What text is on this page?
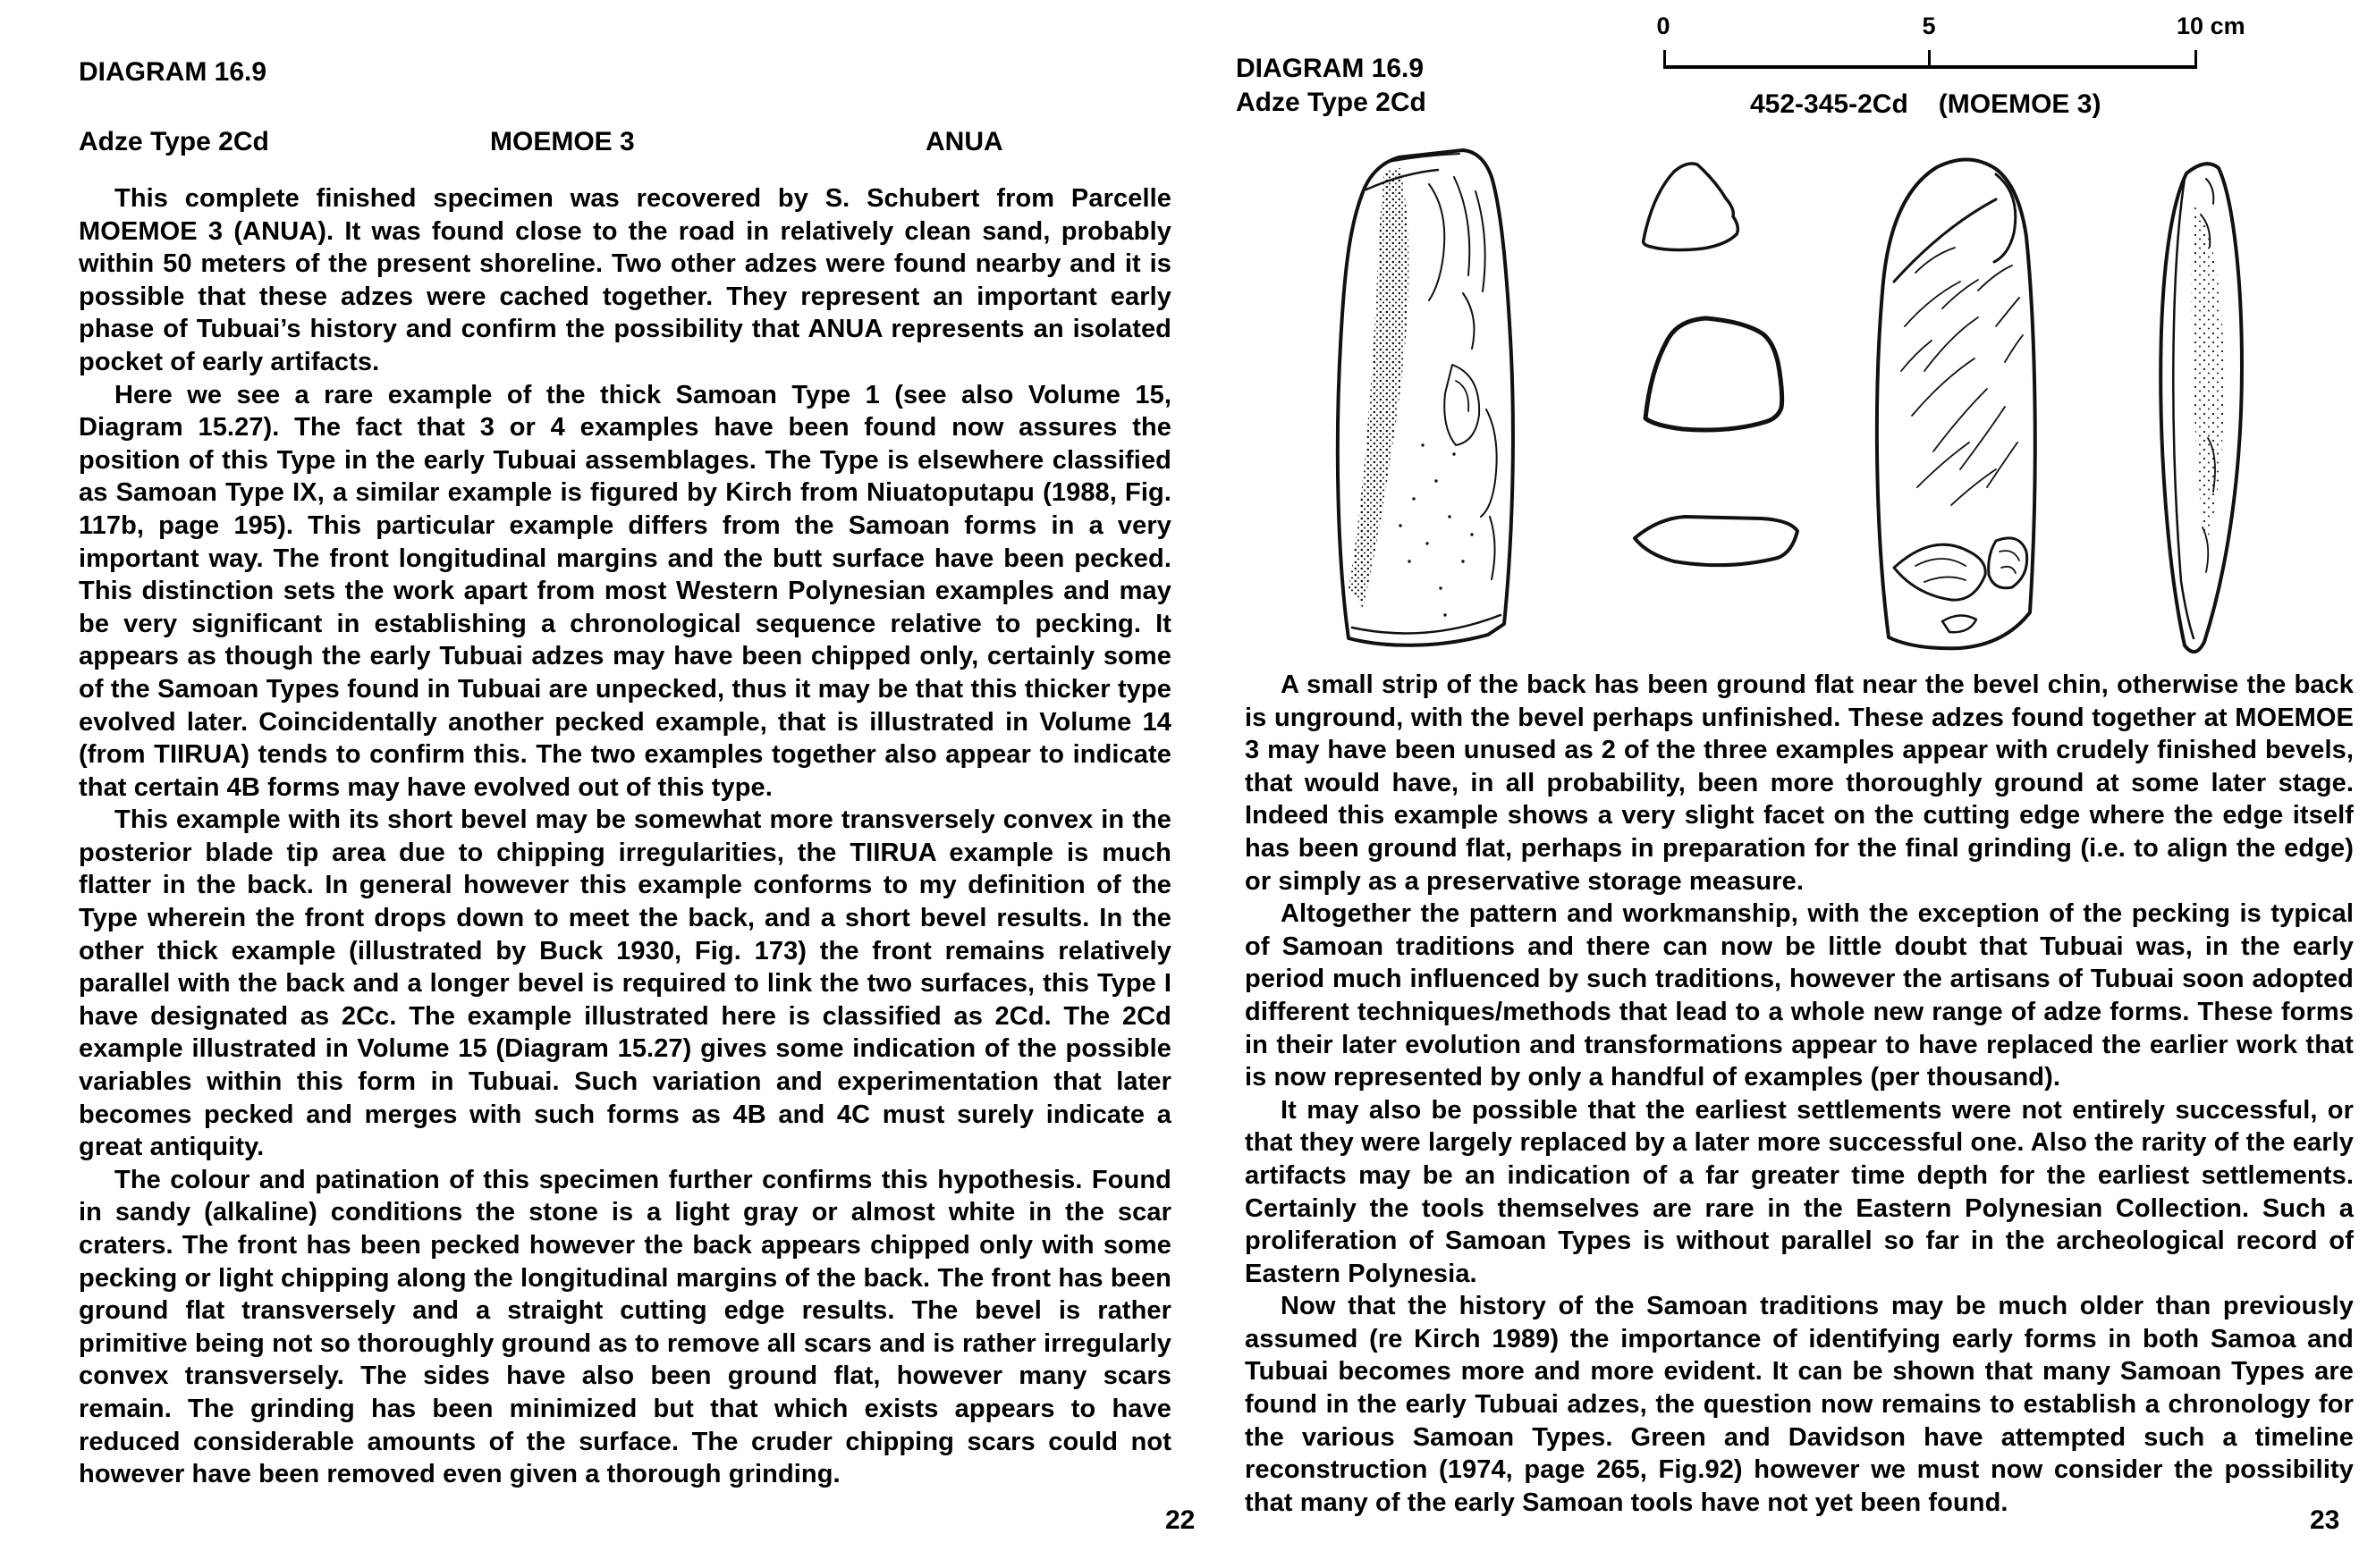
DIAGRAM 16.9
Adze Type 2Cd	MOEMOE 3	ANUA

This complete finished specimen was recovered by S. Schubert from Parcelle MOEMOE 3 (ANUA). It was found close to the road in relatively clean sand, probably within 50 meters of the present shoreline. Two other adzes were found nearby and it is possible that these adzes were cached together. They represent an important early phase of Tubuai’s history and confirm the possibility that ANUA represents an isolated pocket of early artifacts.

Here we see a rare example of the thick Samoan Type 1 (see also Volume 15, Diagram 15.27). The fact that 3 or 4 examples have been found now assures the position of this Type in the early Tubuai assemblages. The Type is elsewhere classified as Samoan Type IX, a similar example is figured by Kirch from Niuatoputapu (1988, Fig. 117b, page 195). This particular example differs from the Samoan forms in a very important way. The front longitudinal margins and the butt surface have been pecked. This distinction sets the work apart from most Western Polynesian examples and may be very significant in establishing a chronological sequence relative to pecking. It appears as though the early Tubuai adzes may have been chipped only, certainly some of the Samoan Types found in Tubuai are unpecked, thus it may be that this thicker type evolved later. Coincidentally another pecked example, that is illustrated in Volume 14 (from TIIRUA) tends to confirm this. The two examples together also appear to indicate that certain 4B forms may have evolved out of this type.

This example with its short bevel may be somewhat more transversely convex in the posterior blade tip area due to chipping irregularities, the TIIRUA example is much flatter in the back. In general however this example conforms to my definition of the Type wherein the front drops down to meet the back, and a short bevel results. In the other thick example (illustrated by Buck 1930, Fig. 173) the front remains relatively parallel with the back and a longer bevel is required to link the two surfaces, this Type I have designated as 2Cc. The example illustrated here is classified as 2Cd. The 2Cd example illustrated in Volume 15 (Diagram 15.27) gives some indication of the possible variables within this form in Tubuai. Such variation and experimentation that later becomes pecked and merges with such forms as 4B and 4C must surely indicate a great antiquity.

The colour and patination of this specimen further confirms this hypothesis. Found in sandy (alkaline) conditions the stone is a light gray or almost white in the scar craters. The front has been pecked however the back appears chipped only with some pecking or light chipping along the longitudinal margins of the back. The front has been ground flat transversely and a straight cutting edge results. The bevel is rather primitive being not so thoroughly ground as to remove all scars and is rather irregularly convex transversely. The sides have also been ground flat, however many scars remain. The grinding has been minimized but that which exists appears to have reduced considerable amounts of the surface. The cruder chipping scars could not however have been removed even given a thorough grinding.

22
DIAGRAM 16.9
Adze Type 2Cd
0	5	10 cm
452-345-2Cd (MOEMOE 3)

A small strip of the back has been ground flat near the bevel chin, otherwise the back is unground, with the bevel perhaps unfinished. These adzes found together at MOEMOE 3 may have been unused as 2 of the three examples appear with crudely finished bevels, that would have, in all probability, been more thoroughly ground at some later stage. Indeed this example shows a very slight facet on the cutting edge where the edge itself has been ground flat, perhaps in preparation for the final grinding (i.e. to align the edge) or simply as a preservative storage measure.

Altogether the pattern and workmanship, with the exception of the pecking is typical of Samoan traditions and there can now be little doubt that Tubuai was, in the early period much influenced by such traditions, however the artisans of Tubuai soon adopted different techniques/methods that lead to a whole new range of adze forms. These forms in their later evolution and transformations appear to have replaced the earlier work that is now represented by only a handful of examples (per thousand).

It may also be possible that the earliest settlements were not entirely successful, or that they were largely replaced by a later more successful one. Also the rarity of the early artifacts may be an indication of a far greater time depth for the earliest settlements. Certainly the tools themselves are rare in the Eastern Polynesian Collection. Such a proliferation of Samoan Types is without parallel so far in the archeological record of Eastern Polynesia.

Now that the history of the Samoan traditions may be much older than previously assumed (re Kirch 1989) the importance of identifying early forms in both Samoa and Tubuai becomes more and more evident. It can be shown that many Samoan Types are found in the early Tubuai adzes, the question now remains to establish a chronology for the various Samoan Types. Green and Davidson have attempted such a timeline reconstruction (1974, page 265, Fig.92) however we must now consider the possibility that many of the early Samoan tools have not yet been found.

23
